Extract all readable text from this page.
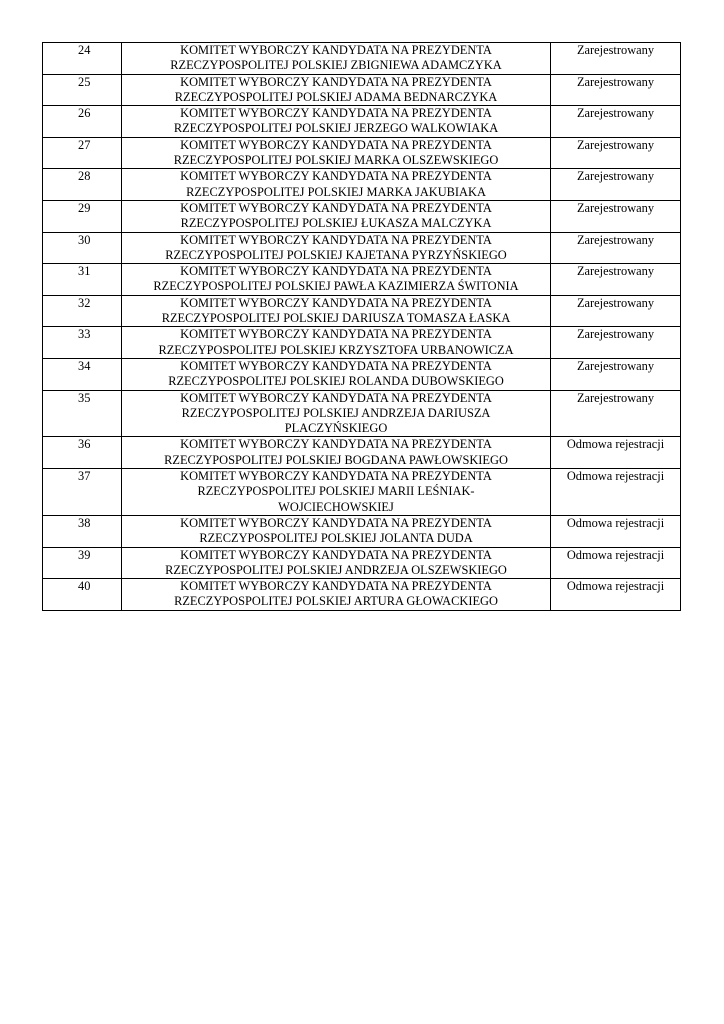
24	KOMITET WYBORCZY KANDYDATA NA PREZYDENTA
RZECZYPOSPOLITEJ POLSKIEJ ZBIGNIEWA ADAMCZYKA	Zarejestrowany
25	KOMITET WYBORCZY KANDYDATA NA PREZYDENTA
RZECZYPOSPOLITEJ POLSKIEJ ADAMA BEDNARCZYKA	Zarejestrowany
26	KOMITET WYBORCZY KANDYDATA NA PREZYDENTA
RZECZYPOSPOLITEJ POLSKIEJ JERZEGO WALKOWIAKA	Zarejestrowany
27	KOMITET WYBORCZY KANDYDATA NA PREZYDENTA
RZECZYPOSPOLITEJ POLSKIEJ MARKA OLSZEWSKIEGO	Zarejestrowany
28	KOMITET WYBORCZY KANDYDATA NA PREZYDENTA
RZECZYPOSPOLITEJ POLSKIEJ MARKA JAKUBIAKA	Zarejestrowany
29	KOMITET WYBORCZY KANDYDATA NA PREZYDENTA
RZECZYPOSPOLITEJ POLSKIEJ ŁUKASZA MALCZYKA	Zarejestrowany
30	KOMITET WYBORCZY KANDYDATA NA PREZYDENTA
RZECZYPOSPOLITEJ POLSKIEJ KAJETANA PYRZYŃSKIEGO	Zarejestrowany
31	KOMITET WYBORCZY KANDYDATA NA PREZYDENTA
RZECZYPOSPOLITEJ POLSKIEJ PAWŁA KAZIMIERZA ŚWITONIA	Zarejestrowany
32	KOMITET WYBORCZY KANDYDATA NA PREZYDENTA
RZECZYPOSPOLITEJ POLSKIEJ DARIUSZA TOMASZA ŁASKA	Zarejestrowany
33	KOMITET WYBORCZY KANDYDATA NA PREZYDENTA
RZECZYPOSPOLITEJ POLSKIEJ KRZYSZTOFA URBANOWICZA	Zarejestrowany
34	KOMITET WYBORCZY KANDYDATA NA PREZYDENTA
RZECZYPOSPOLITEJ POLSKIEJ ROLANDA DUBOWSKIEGO	Zarejestrowany
35	KOMITET WYBORCZY KANDYDATA NA PREZYDENTA
RZECZYPOSPOLITEJ POLSKIEJ ANDRZEJA DARIUSZA
PLACZYŃSKIEGO	Zarejestrowany
36	KOMITET WYBORCZY KANDYDATA NA PREZYDENTA
RZECZYPOSPOLITEJ POLSKIEJ BOGDANA PAWŁOWSKIEGO	Odmowa rejestracji
37	KOMITET WYBORCZY KANDYDATA NA PREZYDENTA
RZECZYPOSPOLITEJ POLSKIEJ MARII LEŚNIAK-
WOJCIECHOWSKIEJ	Odmowa rejestracji
38	KOMITET WYBORCZY KANDYDATA NA PREZYDENTA
RZECZYPOSPOLITEJ POLSKIEJ JOLANTA DUDA	Odmowa rejestracji
39	KOMITET WYBORCZY KANDYDATA NA PREZYDENTA
RZECZYPOSPOLITEJ POLSKIEJ ANDRZEJA OLSZEWSKIEGO	Odmowa rejestracji
40	KOMITET WYBORCZY KANDYDATA NA PREZYDENTA
RZECZYPOSPOLITEJ POLSKIEJ ARTURA GŁOWACKIEGO	Odmowa rejestracji
